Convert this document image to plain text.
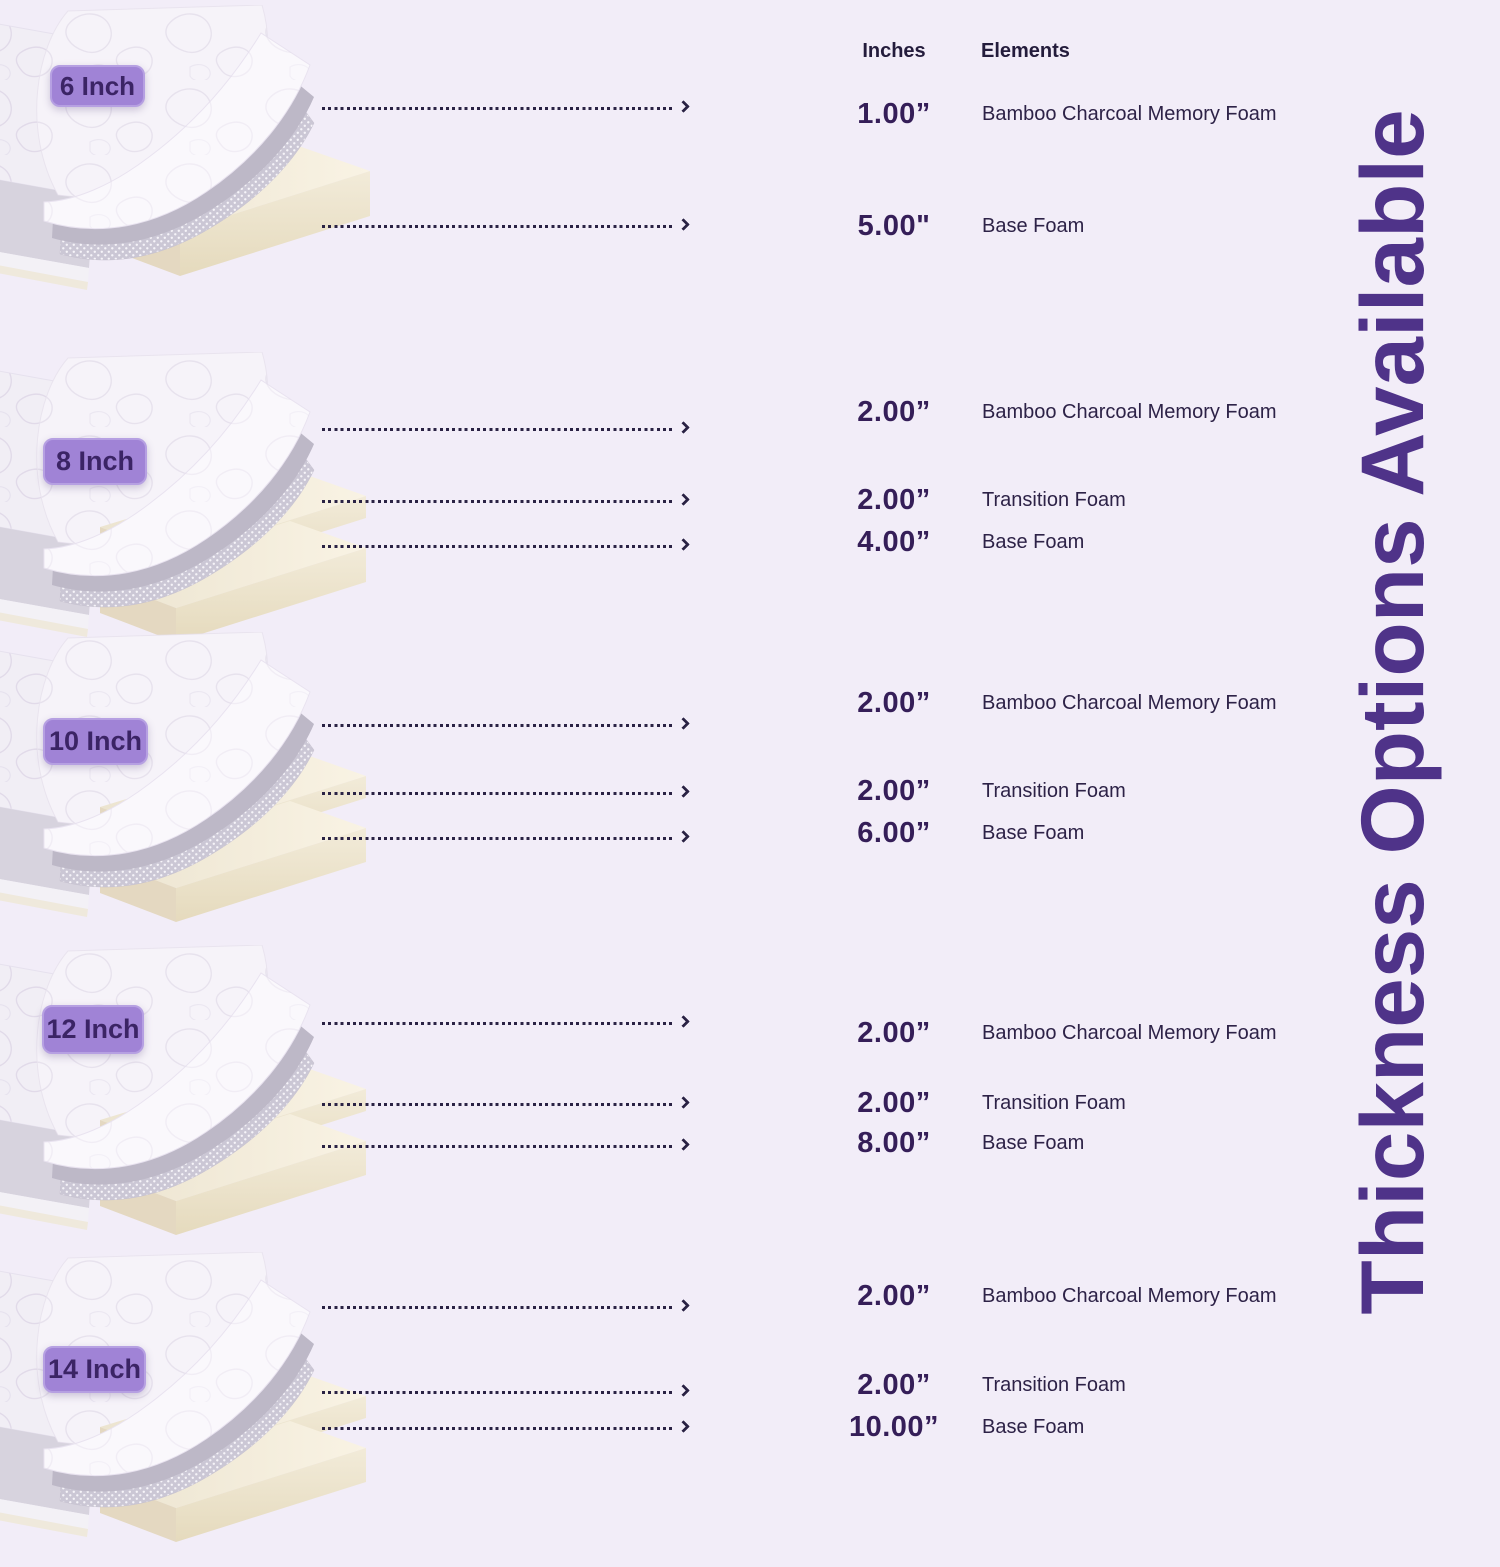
6 Inch
8 Inch
10 Inch
12 Inch
14 Inch
Inches	Elements
1.00”
5.00"
2.00”
2.00”
4.00”
2.00”
2.00”
6.00”
2.00”
2.00”
8.00”
2.00”
2.00”
10.00”
Bamboo Charcoal Memory Foam
Base Foam
Bamboo Charcoal Memory Foam
Transition Foam
Base Foam
Bamboo Charcoal Memory Foam
Transition Foam
Base Foam
Bamboo Charcoal Memory Foam
Transition Foam
Base Foam
Bamboo Charcoal Memory Foam
Transition Foam
Base Foam
Thickness Options Available
